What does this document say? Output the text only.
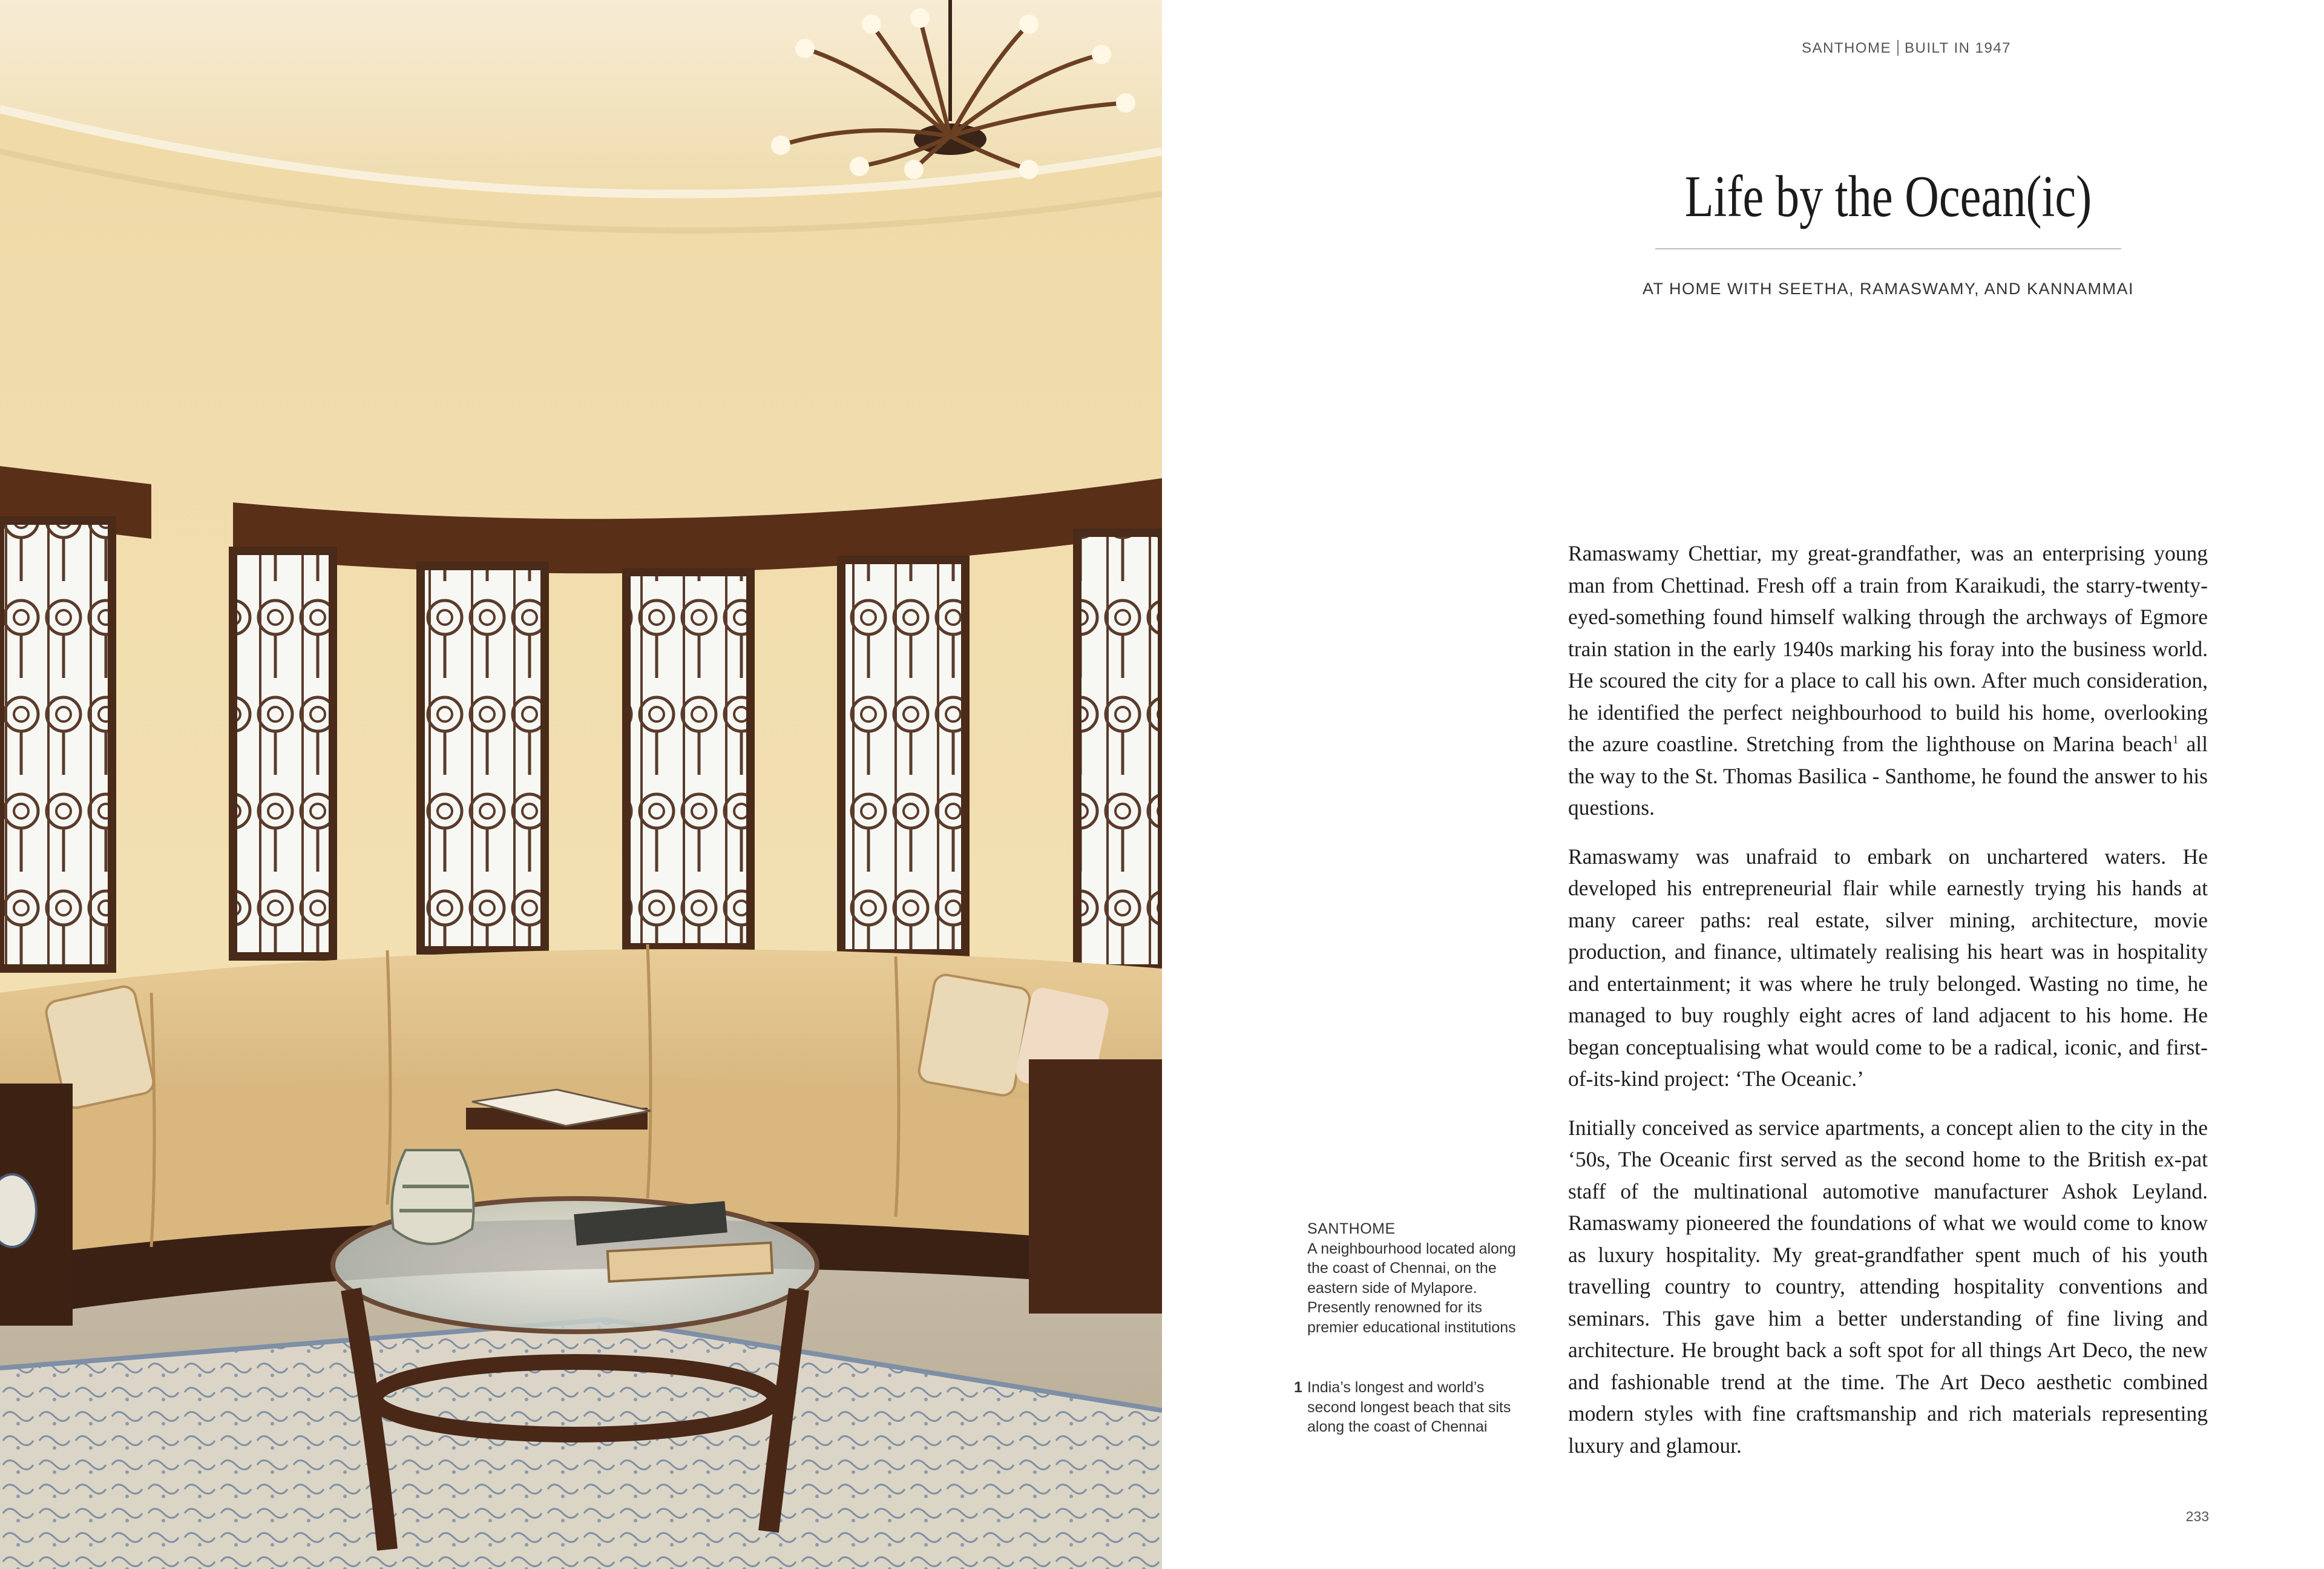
SANTHOME BUILT IN 1947
Life by the Ocean(ic)
AT HOME WITH SEETHA, RAMASWAMY, AND KANNAMMAI

Ramaswamy Chettiar, my great-grandfather, was an enterprising young man from Chettinad. Fresh off a train from Karaikudi, the starry-twenty-eyed-something found himself walking through the archways of Egmore train station in the early 1940s marking his foray into the business world. He scoured the city for a place to call his own. After much consideration, he identified the perfect neighbourhood to build his home, overlooking the azure coastline. Stretching from the lighthouse on Marina beach$^1$ all the way to the St. Thomas Basilica - Santhome, he found the answer to his questions.

Ramaswamy was unafraid to embark on unchartered waters. He developed his entrepreneurial flair while earnestly trying his hands at many career paths: real estate, silver mining, architecture, movie production, and finance, ultimately realising his heart was in hospitality and entertainment; it was where he truly belonged. Wasting no time, he managed to buy roughly eight acres of land adjacent to his home. He began conceptualising what would come to be a radical, iconic, and first-of-its-kind project: ‘The Oceanic.’

Initially conceived as service apartments, a concept alien to the city in the ‘50s, The Oceanic first served as the second home to the British ex-pat staff of the multinational automotive manufacturer Ashok Leyland. Ramaswamy pioneered the foundations of what we would come to know as luxury hospitality. My great-grandfather spent much of his youth travelling country to country, attending hospitality conventions and seminars. This gave him a better understanding of fine living and architecture. He brought back a soft spot for all things Art Deco, the new and fashionable trend at the time. The Art Deco aesthetic combined modern styles with fine craftsmanship and rich materials representing luxury and glamour.

SANTHOME
A neighbourhood located along the coast of Chennai, on the eastern side of Mylapore. Presently renowned for its premier educational institutions
1 India’s longest and world’s second longest beach that sits along the coast of Chennai
233
